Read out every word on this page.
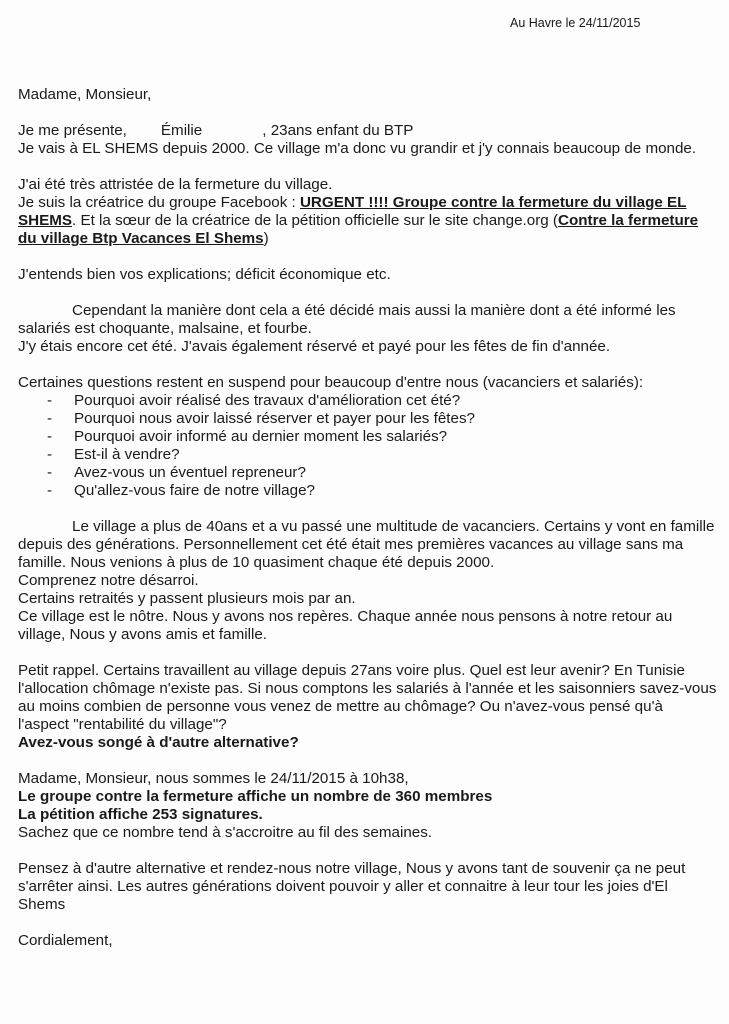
Au Havre le 24/11/2015

Madame, Monsieur,

Je me présente, Émilie	, 23ans enfant du BTP

Je vais à EL SHEMS depuis 2000. Ce village m'a donc vu grandir et j'y connais beaucoup de monde.

J'ai été très attristée de la fermeture du village.

Je suis la créatrice du groupe Facebook : URGENT !!!! Groupe contre la fermeture du village EL SHEMS. Et la sœur de la créatrice de la pétition officielle sur le site change.org (Contre la fermeture du village Btp Vacances El Shems)

J'entends bien vos explications; déficit économique etc.

Cependant la manière dont cela a été décidé mais aussi la manière dont a été informé les salariés est choquante, malsaine, et fourbe.

J'y étais encore cet été. J'avais également réservé et payé pour les fêtes de fin d'année.

Certaines questions restent en suspend pour beaucoup d'entre nous (vacanciers et salariés):

- Pourquoi avoir réalisé des travaux d'amélioration cet été?
- Pourquoi nous avoir laissé réserver et payer pour les fêtes?
- Pourquoi avoir informé au dernier moment les salariés?
- Est-il à vendre?
- Avez-vous un éventuel repreneur?
- Qu'allez-vous faire de notre village?

Le village a plus de 40ans et a vu passé une multitude de vacanciers. Certains y vont en famille depuis des générations. Personnellement cet été était mes premières vacances au village sans ma famille. Nous venions à plus de 10 quasiment chaque été depuis 2000.

Comprenez notre désarroi.

Certains retraités y passent plusieurs mois par an.

Ce village est le nôtre. Nous y avons nos repères. Chaque année nous pensons à notre retour au village, Nous y avons amis et famille.

Petit rappel. Certains travaillent au village depuis 27ans voire plus. Quel est leur avenir? En Tunisie l'allocation chômage n'existe pas. Si nous comptons les salariés à l'année et les saisonniers savez-vous au moins combien de personne vous venez de mettre au chômage? Ou n'avez-vous pensé qu'à l'aspect "rentabilité du village"?

Avez-vous songé à d'autre alternative?

Madame, Monsieur, nous sommes le 24/11/2015 à 10h38,

Le groupe contre la fermeture affiche un nombre de 360 membres

La pétition affiche 253 signatures.

Sachez que ce nombre tend à s'accroitre au fil des semaines.

Pensez à d'autre alternative et rendez-nous notre village, Nous y avons tant de souvenir ça ne peut s'arrêter ainsi. Les autres générations doivent pouvoir y aller et connaitre à leur tour les joies d'El Shems

Cordialement,
